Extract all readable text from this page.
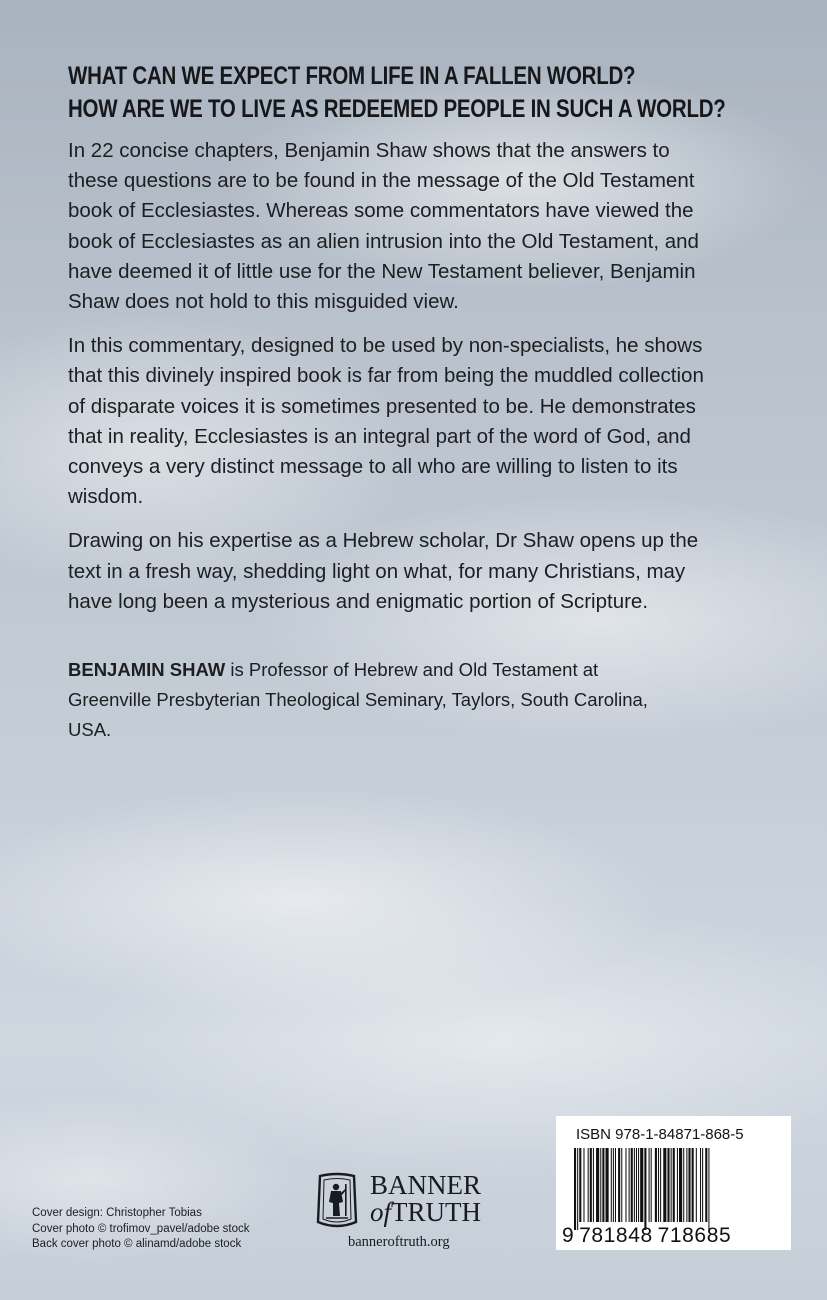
WHAT CAN WE EXPECT FROM LIFE IN A FALLEN WORLD?
HOW ARE WE TO LIVE AS REDEEMED PEOPLE IN SUCH A WORLD?

In 22 concise chapters, Benjamin Shaw shows that the answers to these questions are to be found in the message of the Old Testament book of Ecclesiastes. Whereas some commentators have viewed the book of Ecclesiastes as an alien intrusion into the Old Testament, and have deemed it of little use for the New Testament believer, Benjamin Shaw does not hold to this misguided view.

In this commentary, designed to be used by non-specialists, he shows that this divinely inspired book is far from being the muddled collection of disparate voices it is sometimes presented to be. He demonstrates that in reality, Ecclesiastes is an integral part of the word of God, and conveys a very distinct message to all who are willing to listen to its wisdom.

Drawing on his expertise as a Hebrew scholar, Dr Shaw opens up the text in a fresh way, shedding light on what, for many Christians, may have long been a mysterious and enigmatic portion of Scripture.

BENJAMIN SHAW is Professor of Hebrew and Old Testament at Greenville Presbyterian Theological Seminary, Taylors, South Carolina, USA.
Cover design: Christopher Tobias
Cover photo © trofimov_pavel/adobe stock
Back cover photo © alinamd/adobe stock
BANNER
ofTRUTH
banneroftruth.org
ISBN 978-1-84871-868-5
9  781848  718685
